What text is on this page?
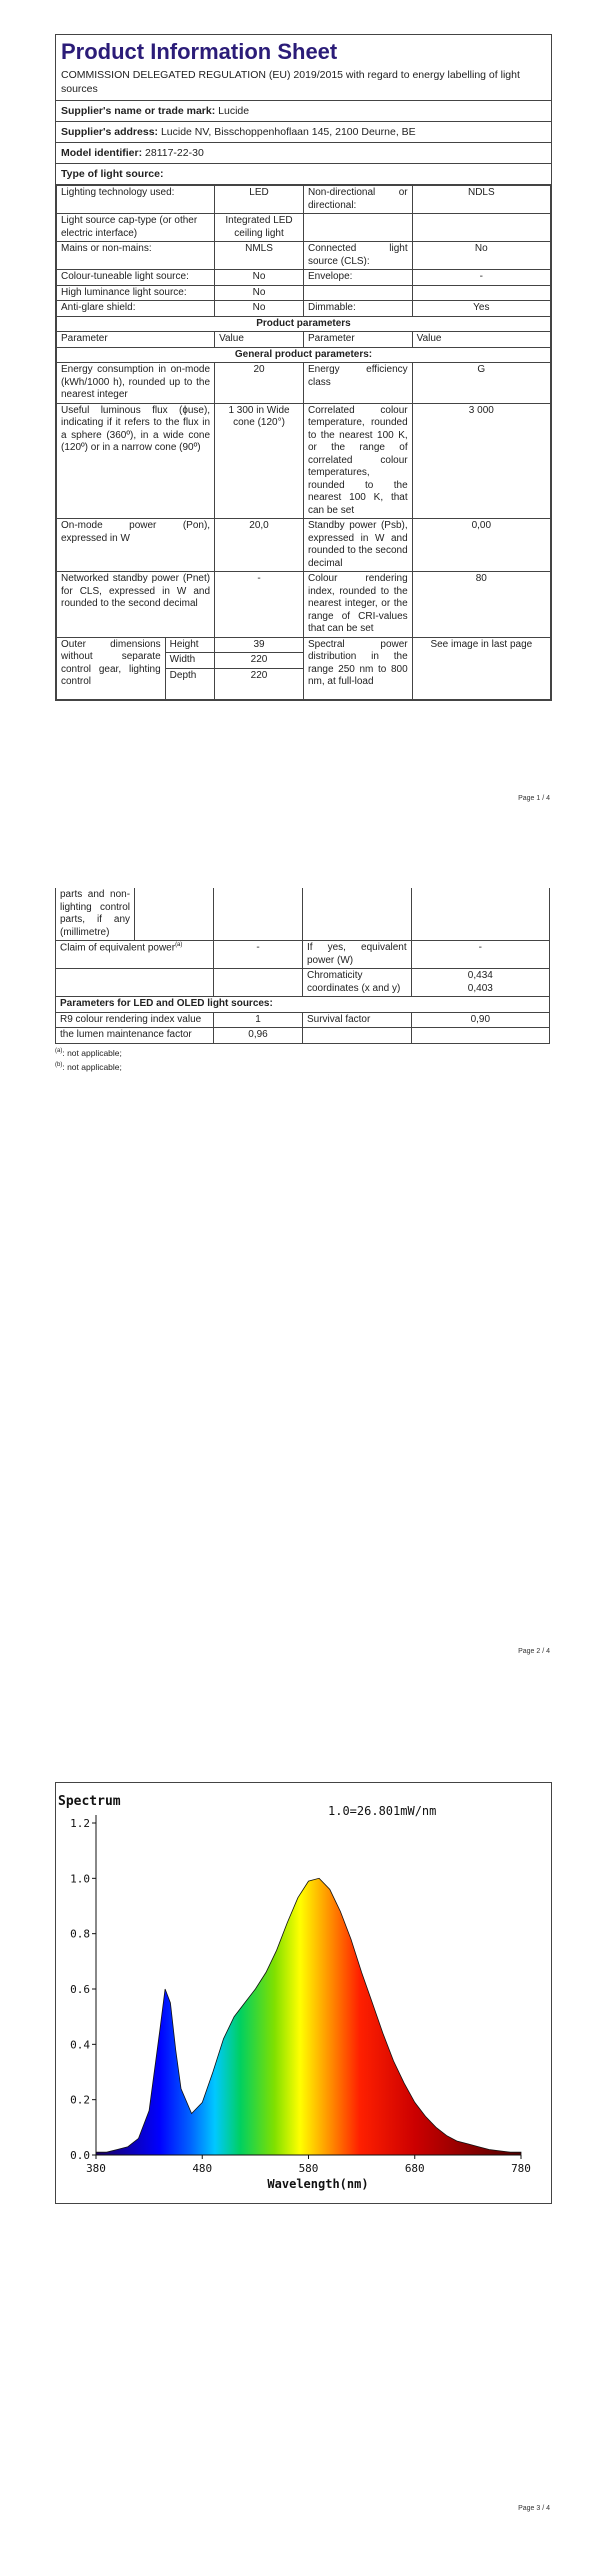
Product Information Sheet
COMMISSION DELEGATED REGULATION (EU) 2019/2015 with regard to energy labelling of light sources
Supplier's name or trade mark: Lucide
Supplier's address: Lucide NV, Bisschoppenhoflaan 145, 2100 Deurne, BE
Model identifier: 28117-22-30
Type of light source:
Lighting technology used:		LED	Non-directional or directional:	NDLS
Light source cap-type (or other electric interface)		Integrated LED ceiling light		
Mains or non-mains:		NMLS	Connected light source (CLS):	No
Colour-tuneable light source:		No	Envelope:	-
High luminance light source:		No		
Anti-glare shield:		No	Dimmable:	Yes
Product parameters				
Parameter		Value	Parameter	Value
General product parameters:				
Energy consumption in on-mode (kWh/1000 h), rounded up to the nearest integer		20	Energy efficiency class	G
Useful luminous flux (ɸuse), indicating if it refers to the flux in a sphere (360º), in a wide cone (120º) or in a narrow cone (90º)		1 300 in Wide cone (120°)	Correlated colour temperature, rounded to the nearest 100 K, or the range of correlated colour temperatures, rounded to the nearest 100 K, that can be set	3 000
On-mode power (Pon), expressed in W		20,0	Standby power (Psb), expressed in W and rounded to the second decimal	0,00
Networked standby power (Pnet) for CLS, expressed in W and rounded to the second decimal		-	Colour rendering index, rounded to the nearest integer, or the range of CRI-values that can be set	80
Outer dimensions without separate control gear, lighting control	Height	39	Spectral power distribution in the range 250 nm to 800 nm, at full-load	See image in last page
	Width	220		
	Depth	220		
Page 1 / 4
parts and non-lighting control parts, if any (millimetre)				
Claim of equivalent power$^{(a)}$		-	If yes, equivalent power (W)	-
			Chromaticity coordinates (x and y)	0,434
0,403

Parameters for LED and OLED light sources:				
R9 colour rendering index value		1	Survival factor	0,90
the lumen maintenance factor		0,96		
$^{(a)}$: not applicable;
$^{(b)}$: not applicable;
Page 2 / 4
Spectrum
1.0=26.801mW/nm
0.0
0.2
0.4
0.6
0.8
1.0
1.2
380	480	580	680	780
Wavelength(nm)
Page 3 / 4
